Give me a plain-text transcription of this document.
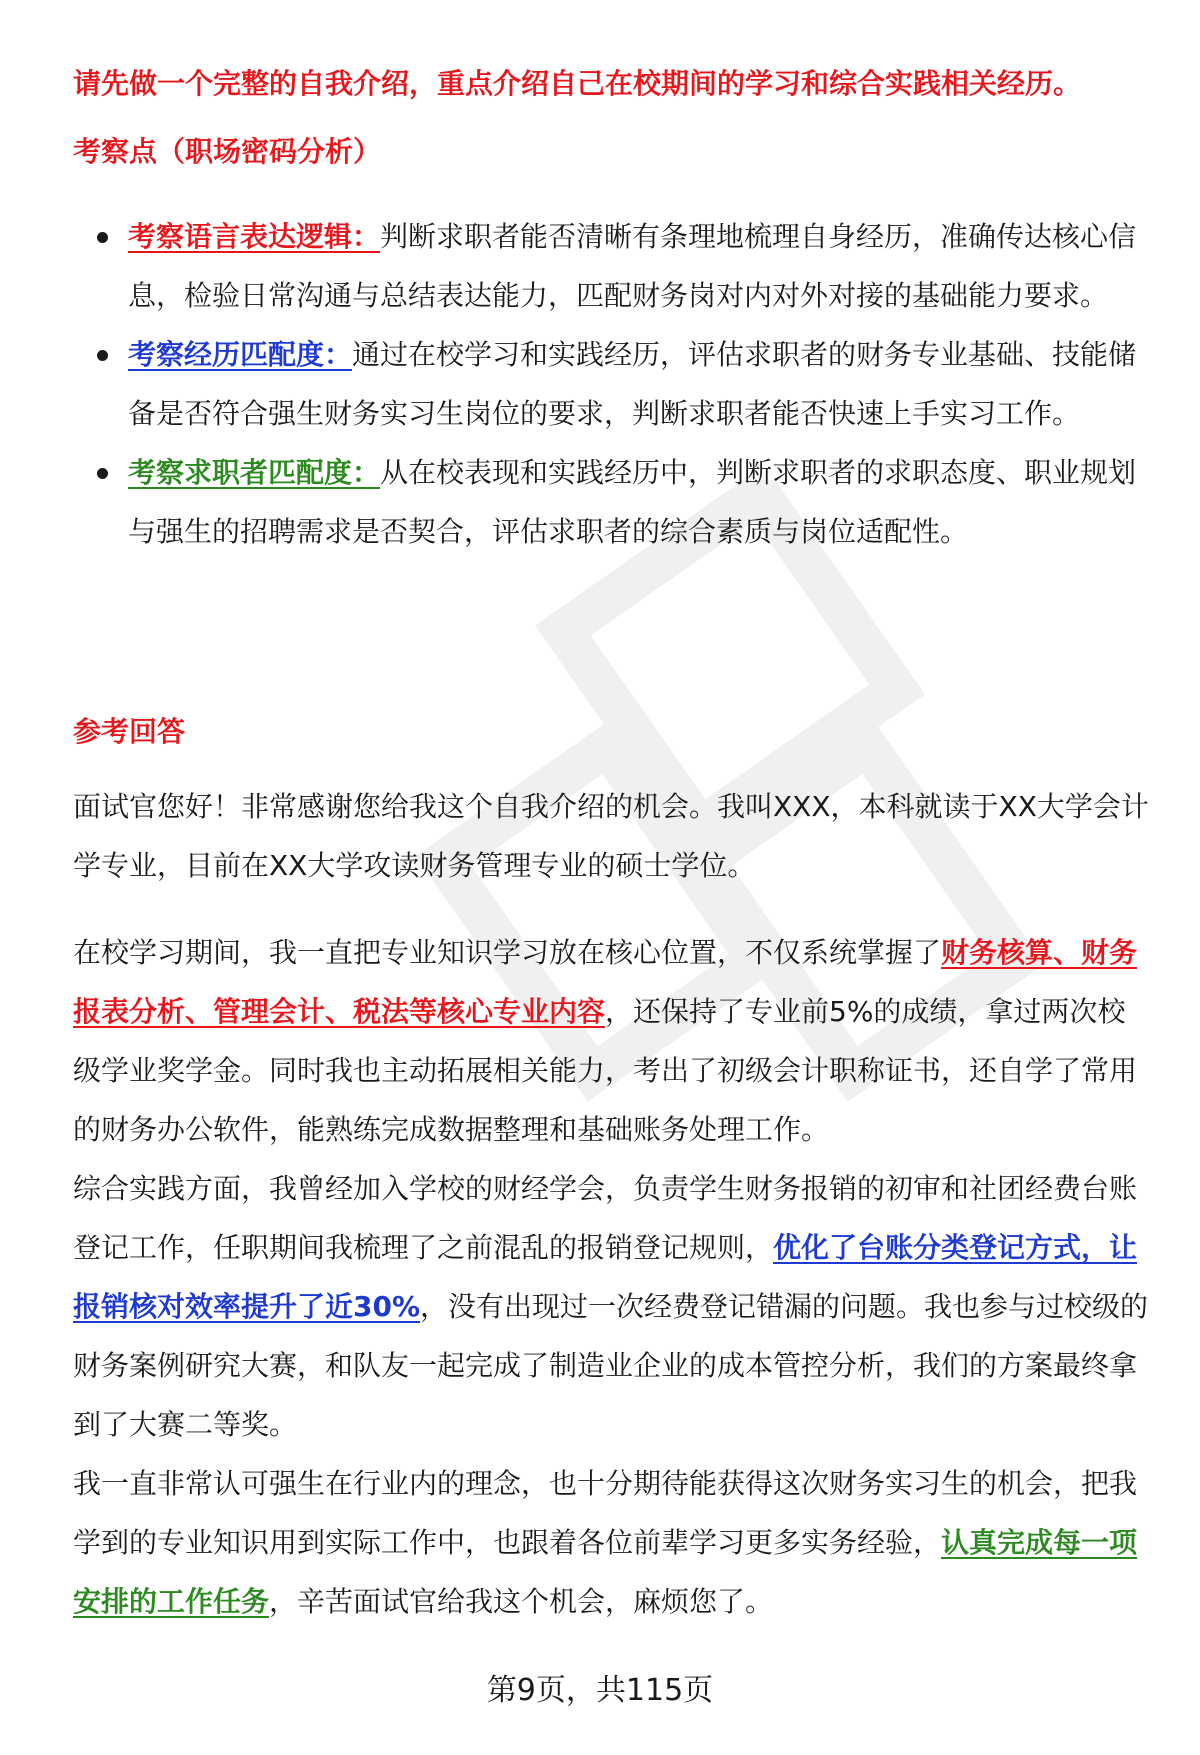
请先做一个完整的自我介绍，重点介绍自己在校期间的学习和综合实践相关经历。
考察点（职场密码分析）
考察语言表达逻辑：判断求职者能否清晰有条理地梳理自身经历，准确传达核心信息，检验日常沟通与总结表达能力，匹配财务岗对内对外对接的基础能力要求。
考察经历匹配度：通过在校学习和实践经历，评估求职者的财务专业基础、技能储备是否符合强生财务实习生岗位的要求，判断求职者能否快速上手实习工作。
考察求职者匹配度：从在校表现和实践经历中，判断求职者的求职态度、职业规划与强生的招聘需求是否契合，评估求职者的综合素质与岗位适配性。
参考回答

面试官您好！非常感谢您给我这个自我介绍的机会。我叫XXX，本科就读于XX大学会计学专业，目前在XX大学攻读财务管理专业的硕士学位。

在校学习期间，我一直把专业知识学习放在核心位置，不仅系统掌握了财务核算、财务报表分析、管理会计、税法等核心专业内容，还保持了专业前5%的成绩，拿过两次校级学业奖学金。同时我也主动拓展相关能力，考出了初级会计职称证书，还自学了常用的财务办公软件，能熟练完成数据整理和基础账务处理工作。

综合实践方面，我曾经加入学校的财经学会，负责学生财务报销的初审和社团经费台账登记工作，任职期间我梳理了之前混乱的报销登记规则，优化了台账分类登记方式，让报销核对效率提升了近30%，没有出现过一次经费登记错漏的问题。我也参与过校级的财务案例研究大赛，和队友一起完成了制造业企业的成本管控分析，我们的方案最终拿到了大赛二等奖。

我一直非常认可强生在行业内的理念，也十分期待能获得这次财务实习生的机会，把我学到的专业知识用到实际工作中，也跟着各位前辈学习更多实务经验，认真完成每一项安排的工作任务，辛苦面试官给我这个机会，麻烦您了。

第9页，共115页
